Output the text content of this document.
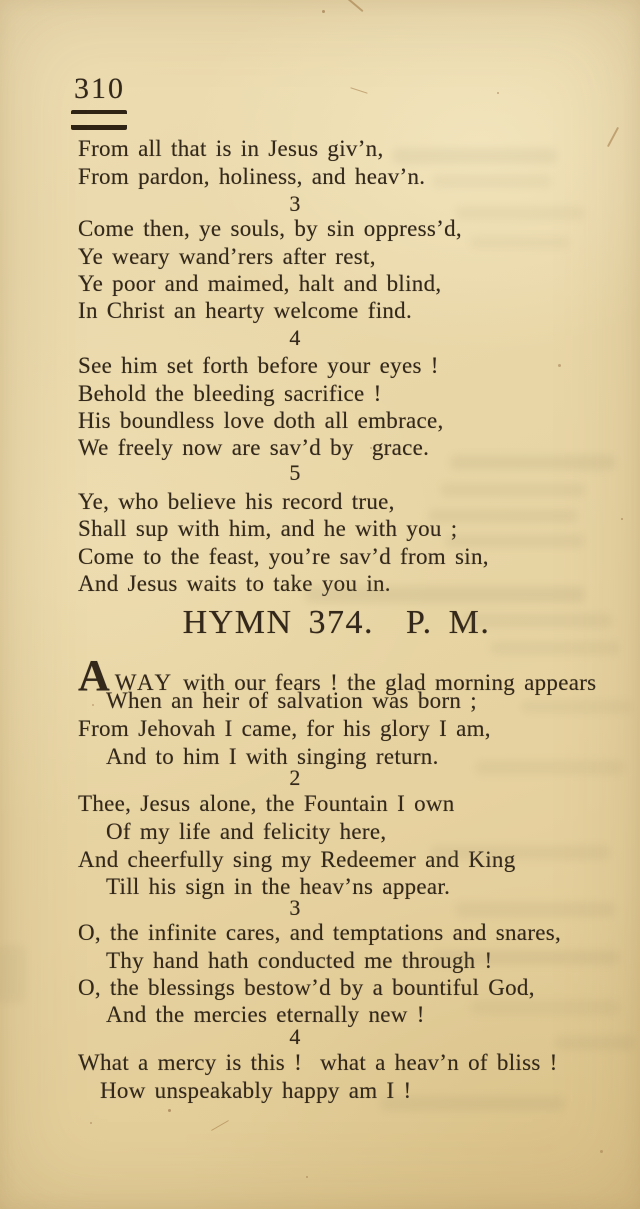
310
From all that is in Jesus giv’n,
From pardon, holiness, and heav’n.
3
Come then, ye souls, by sin oppress’d,
Ye weary wand’rers after rest,
Ye poor and maimed, halt and blind,
In Christ an hearty welcome find.
4
See him set forth before your eyes !
Behold the bleeding sacrifice !
His boundless love doth all embrace,
We freely now are sav’d by  grace.
5
Ye, who believe his record true,
Shall sup with him, and he with you ;
Come to the feast, you’re sav’d from sin,
And Jesus waits to take you in.
HYMN 374.  P. M.
AWAY with our fears ! the glad morning appears
When an heir of salvation was born ;
From Jehovah I came, for his glory I am,
And to him I with singing return.
2
Thee, Jesus alone, the Fountain I own
Of my life and felicity here,
And cheerfully sing my Redeemer and King
Till his sign in the heav’ns appear.
3
O, the infinite cares, and temptations and snares,
Thy hand hath conducted me through !
O, the blessings bestow’d by a bountiful God,
And the mercies eternally new !
4
What a mercy is this !  what a heav’n of bliss !
How unspeakably happy am I !
